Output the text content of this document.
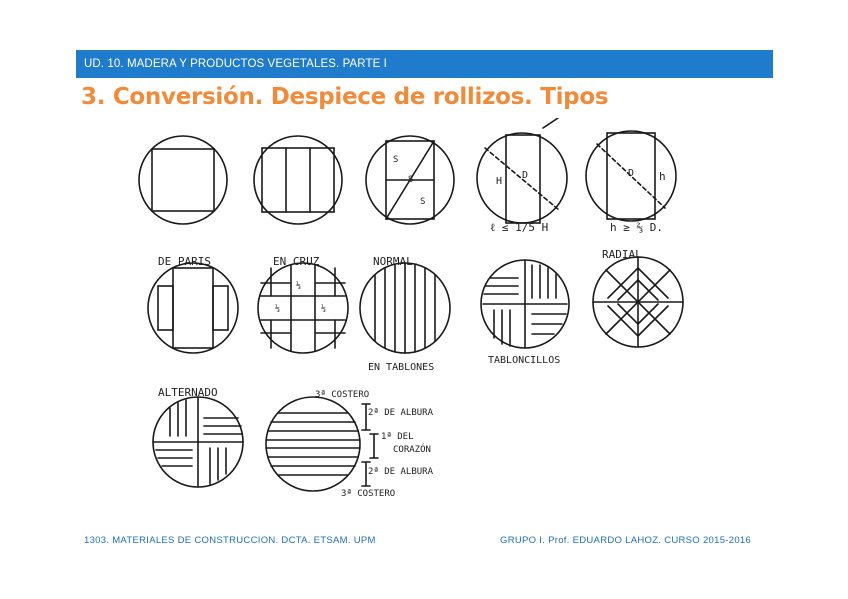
UD. 10. MADERA Y PRODUCTOS VEGETALES. PARTE I
3. Conversión. Despiece de rollizos. Tipos
S
S
S
H
D
ℓ ≤ 1/5 H
D h
h ≥ ⅔ D.
DE PARIS	EN CRUZ
⅓	⅓
⅓
NORMAL.
EN TABLONES
TABLONCILLOS
RADIAL
ALTERNADO	3ª COSTERO
2ª DE ALBURA
1ª DEL
CORAZÓN
2ª DE ALBURA
3ª COSTERO
1303. MATERIALES DE CONSTRUCCION. DCTA. ETSAM. UPM	GRUPO I. Prof. EDUARDO LAHOZ. CURSO 2015-2016
